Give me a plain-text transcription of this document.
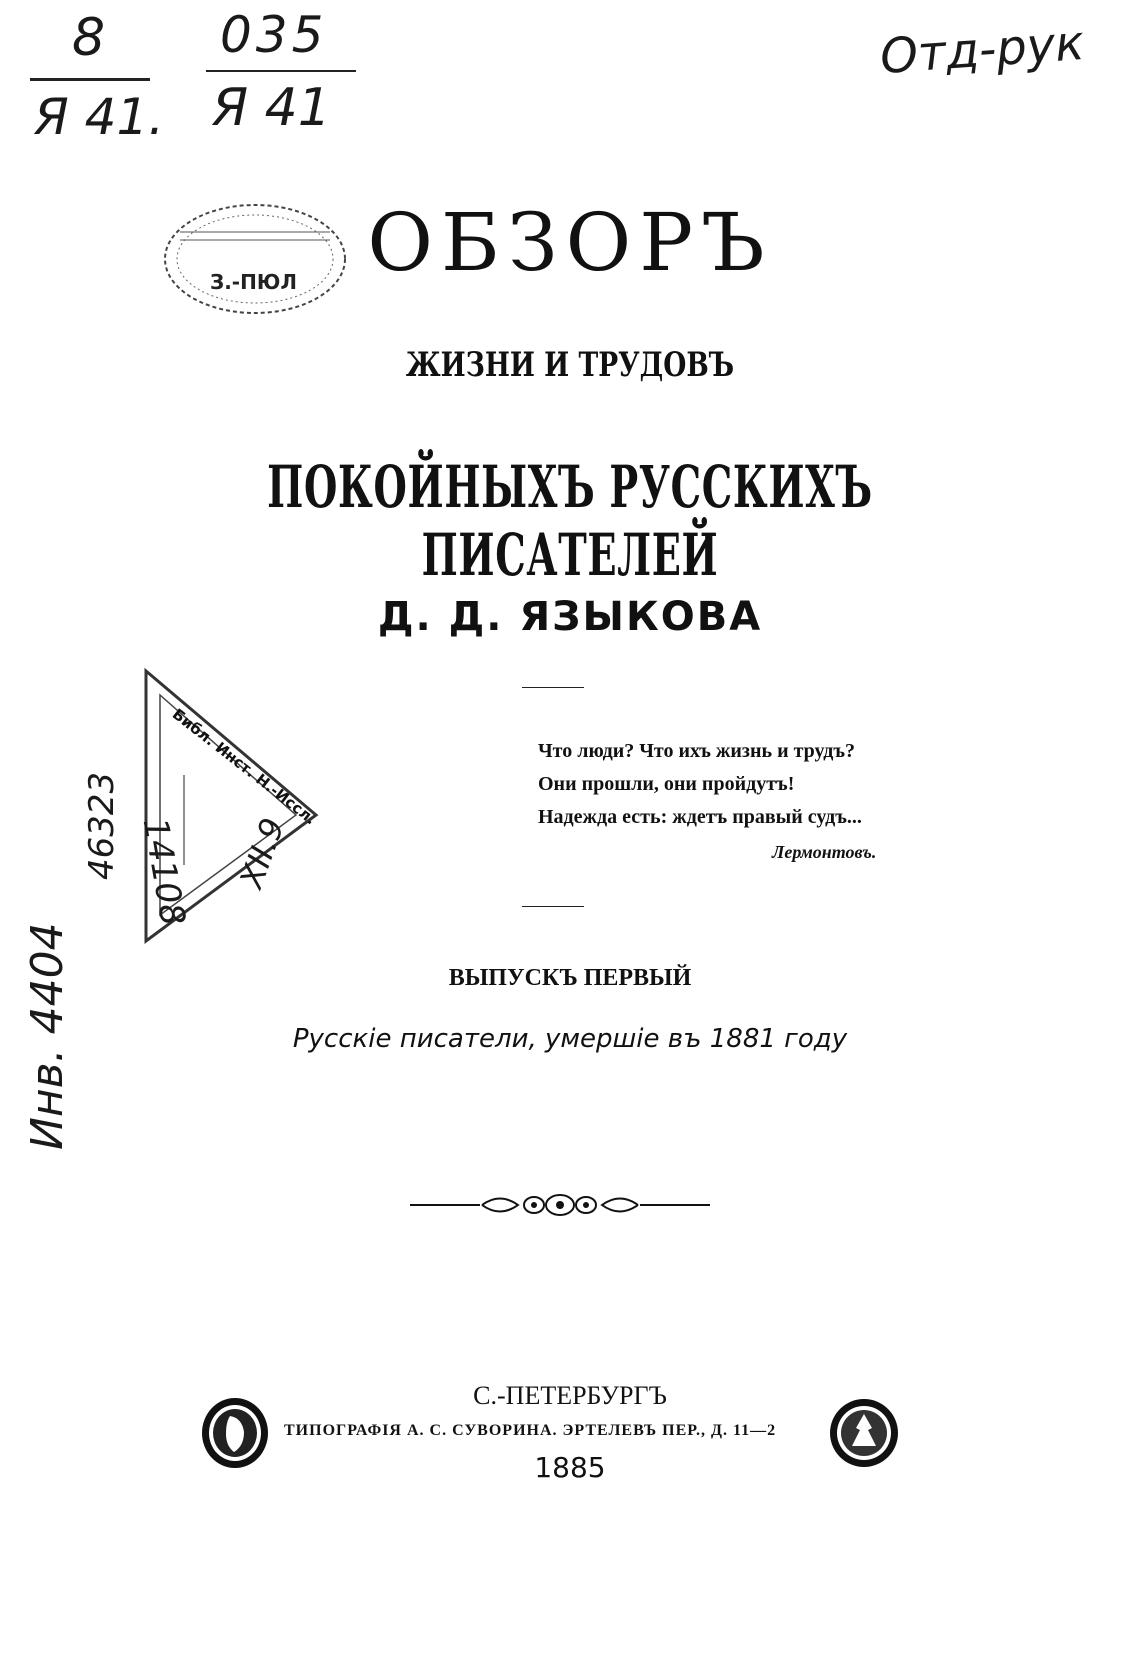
8
Я 41.
035
Я 41
Отд-рук
З.-ПЮЛ ОБЗОРЪ
ЖИЗНИ И ТРУДОВЪ
ПОКОЙНЫХЪ РУССКИХЪ ПИСАТЕЛЕЙ
Д. Д. ЯЗЫКОВА
Библ. Инст. Н.-Иссл.
14108 XII.9
46323
Инв. 4404
Что люди? Что ихъ жизнь и трудъ?
Они прошли, они пройдутъ!
Надежда есть: ждетъ правый судъ...
Лермонтовъ.
ВЫПУСКЪ ПЕРВЫЙ
Русскіе писатели, умершіе въ 1881 году
С.-ПЕТЕРБУРГЪ
ТИПОГРАФІЯ А. С. СУВОРИНА. ЭРТЕЛЕВЪ ПЕР., Д. 11—2
1885
